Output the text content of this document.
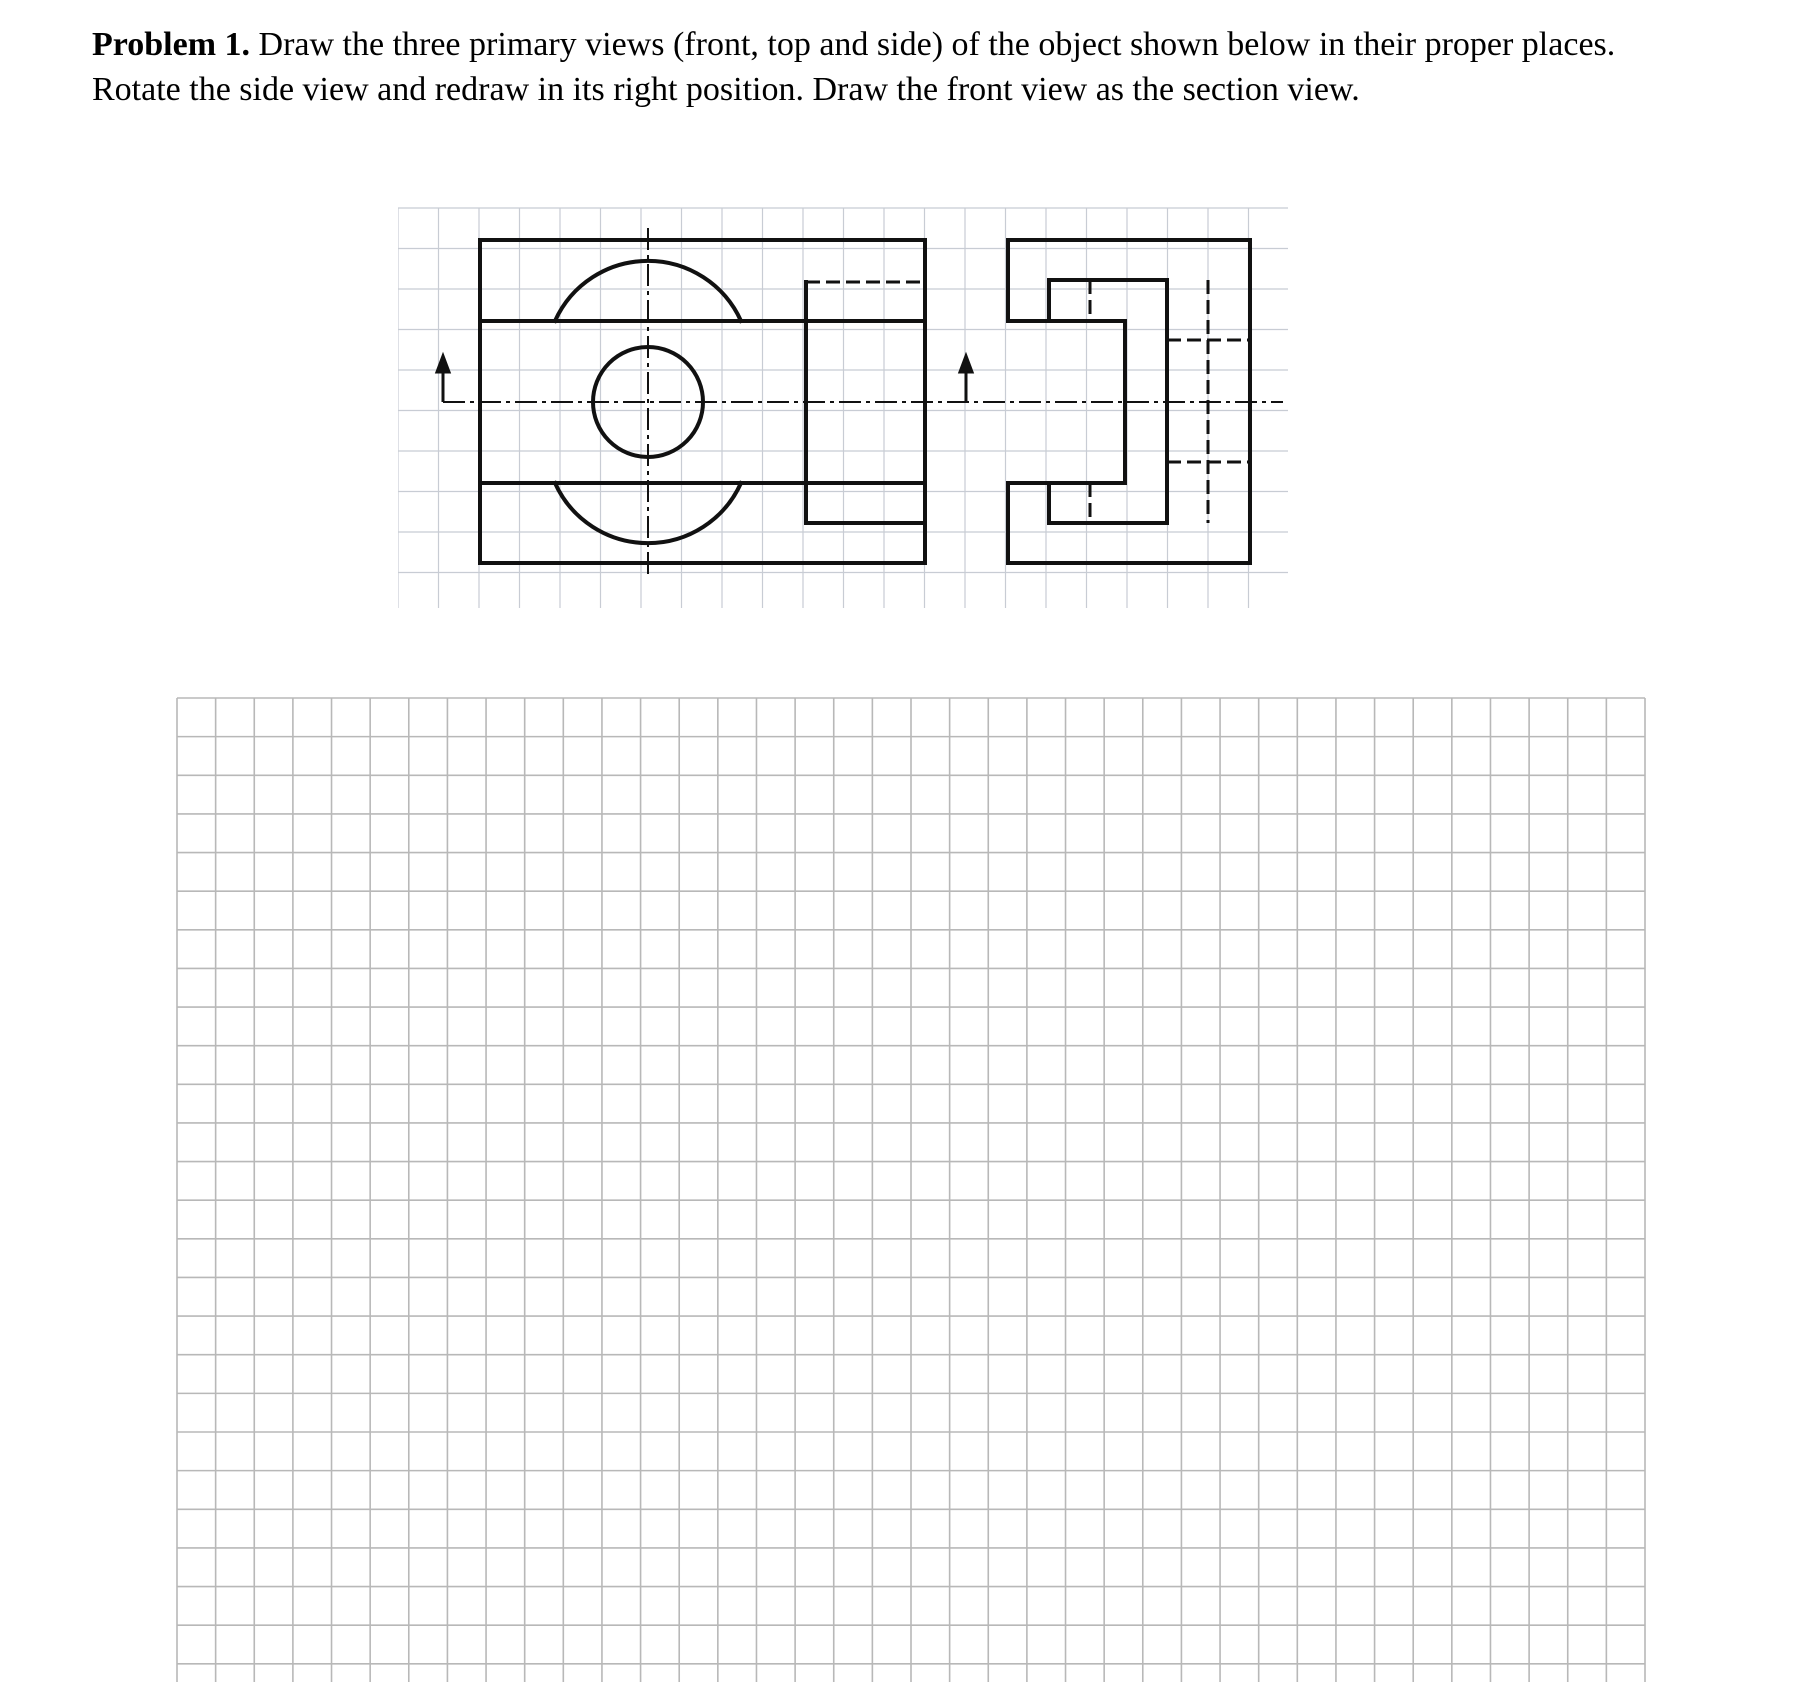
Problem 1. Draw the three primary views (front, top and side) of the object shown below in their proper places.
Rotate the side view and redraw in its right position. Draw the front view as the section view.
